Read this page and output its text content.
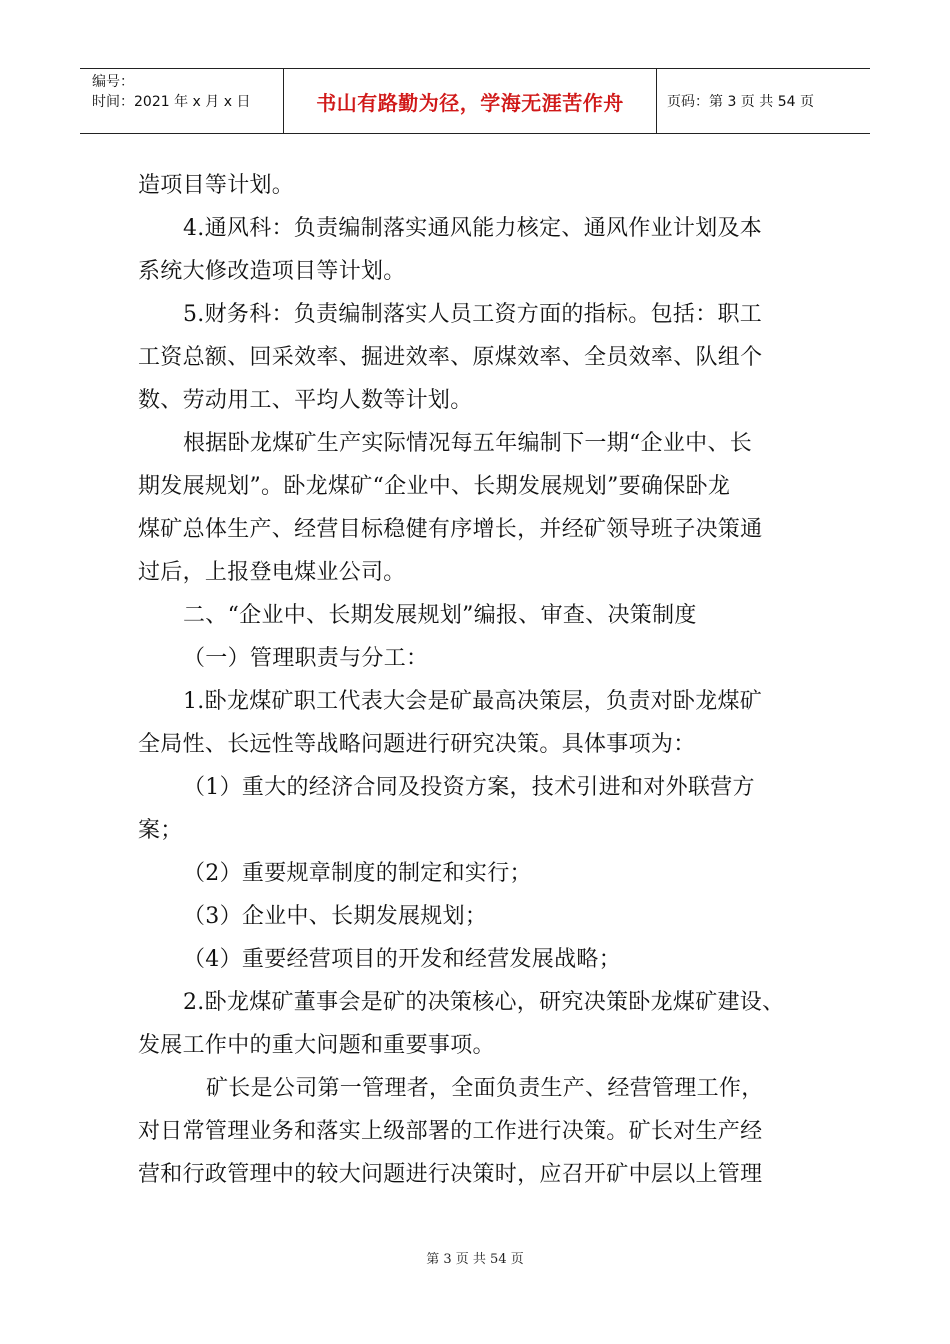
编号：
时间：2021 年 x 月 x 日	书山有路勤为径，学海无涯苦作舟	页码：第 3 页 共 54 页
造项目等计划。
4.通风科：负责编制落实通风能力核定、通风作业计划及本
系统大修改造项目等计划。
5.财务科：负责编制落实人员工资方面的指标。包括：职工
工资总额、回采效率、掘进效率、原煤效率、全员效率、队组个
数、劳动用工、平均人数等计划。
根据卧龙煤矿生产实际情况每五年编制下一期“企业中、长
期发展规划”。卧龙煤矿“企业中、长期发展规划”要确保卧龙
煤矿总体生产、经营目标稳健有序增长，并经矿领导班子决策通
过后，上报登电煤业公司。
二、“企业中、长期发展规划”编报、审查、决策制度
（一）管理职责与分工：
1.卧龙煤矿职工代表大会是矿最高决策层，负责对卧龙煤矿
全局性、长远性等战略问题进行研究决策。具体事项为：
（1）重大的经济合同及投资方案，技术引进和对外联营方
案；
（2）重要规章制度的制定和实行；
（3）企业中、长期发展规划；
（4）重要经营项目的开发和经营发展战略；
2.卧龙煤矿董事会是矿的决策核心，研究决策卧龙煤矿建设、
发展工作中的重大问题和重要事项。
矿长是公司第一管理者，全面负责生产、经营管理工作，
对日常管理业务和落实上级部署的工作进行决策。矿长对生产经
营和行政管理中的较大问题进行决策时，应召开矿中层以上管理
第 3 页 共 54 页
